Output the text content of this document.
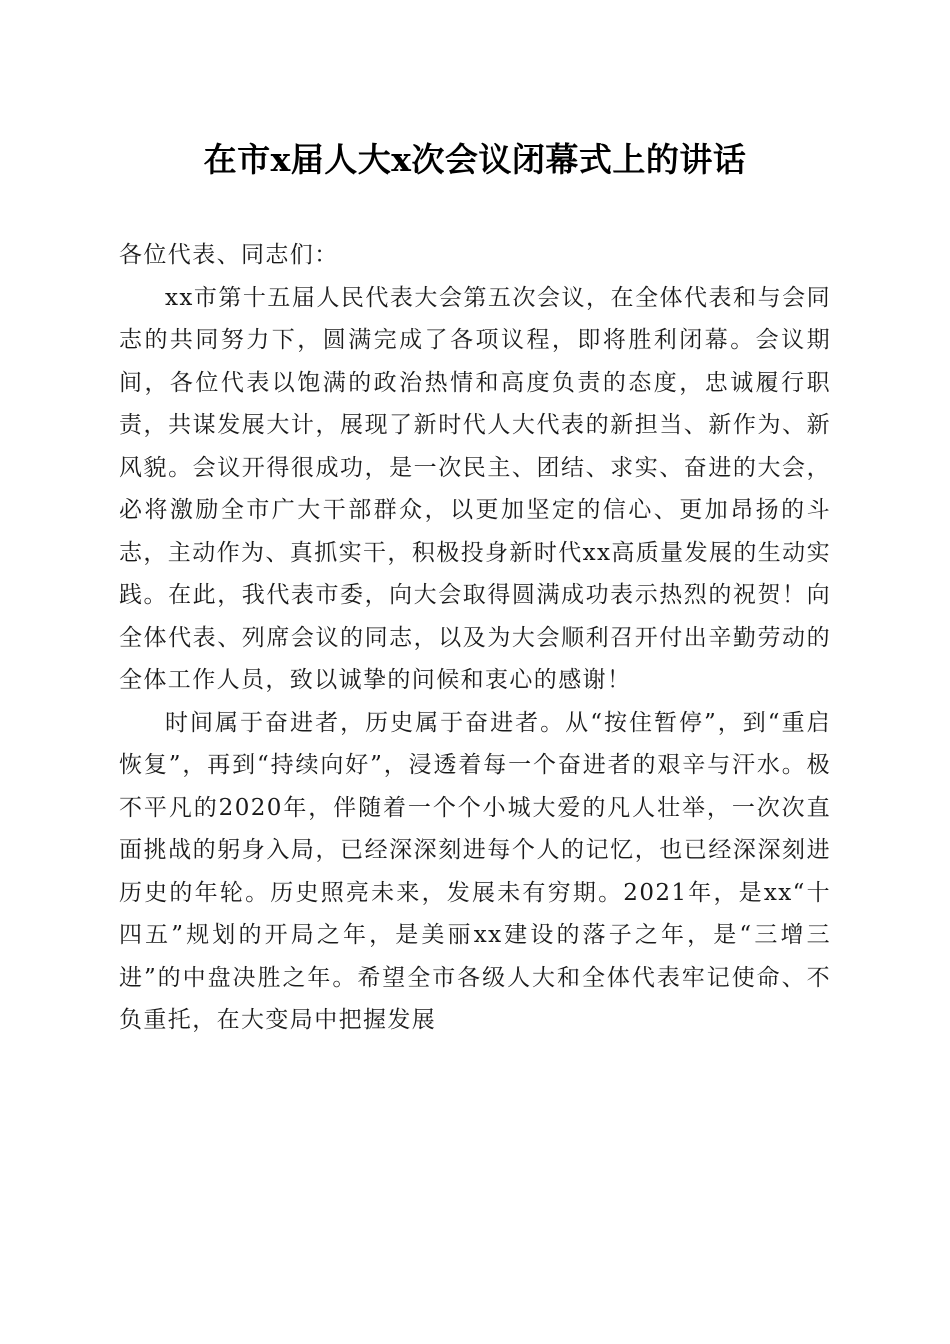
在市x届人大x次会议闭幕式上的讲话

各位代表、同志们：

xx市第十五届人民代表大会第五次会议，在全体代表和与会同志的共同努力下，圆满完成了各项议程，即将胜利闭幕。会议期间，各位代表以饱满的政治热情和高度负责的态度，忠诚履行职责，共谋发展大计，展现了新时代人大代表的新担当、新作为、新风貌。会议开得很成功，是一次民主、团结、求实、奋进的大会，必将激励全市广大干部群众，以更加坚定的信心、更加昂扬的斗志，主动作为、真抓实干，积极投身新时代xx高质量发展的生动实践。在此，我代表市委，向大会取得圆满成功表示热烈的祝贺！向全体代表、列席会议的同志，以及为大会顺利召开付出辛勤劳动的全体工作人员，致以诚挚的问候和衷心的感谢！

时间属于奋进者，历史属于奋进者。从“按住暂停”，到“重启恢复”，再到“持续向好”，浸透着每一个奋进者的艰辛与汗水。极不平凡的2020年，伴随着一个个小城大爱的凡人壮举，一次次直面挑战的躬身入局，已经深深刻进每个人的记忆，也已经深深刻进历史的年轮。历史照亮未来，发展未有穷期。2021年，是xx“十四五”规划的开局之年，是美丽xx建设的落子之年，是“三增三进”的中盘决胜之年。希望全市各级人大和全体代表牢记使命、不负重托，在大变局中把握发展
